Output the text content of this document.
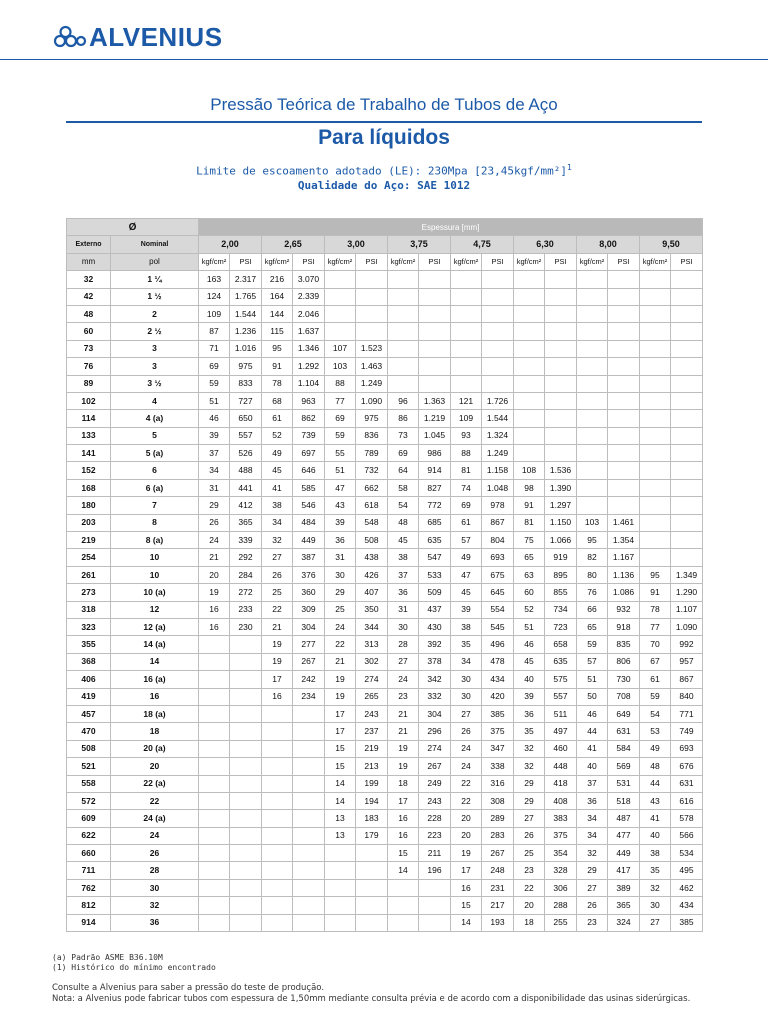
ALVENIUS
Pressão Teórica de Trabalho de Tubos de Aço
Para líquidos
Limite de escoamento adotado (LE): 230Mpa $[23,45kgf/mm^2]^1$
Qualidade do Aço: SAE 1012
Ø		Espessura [mm]															
Externo	Nominal	2,00		2,65		3,00		3,75		4,75		6,30		8,00		9,50	
mm	pol	kgf/cm²	PSI	kgf/cm²	PSI	kgf/cm²	PSI	kgf/cm²	PSI	kgf/cm²	PSI	kgf/cm²	PSI	kgf/cm²	PSI	kgf/cm²	PSI
32	1 ¼	163	2.317	216	3.070												
42	1 ½	124	1.765	164	2.339												
48	2	109	1.544	144	2.046												
60	2 ½	87	1.236	115	1.637												
73	3	71	1.016	95	1.346	107	1.523										
76	3	69	975	91	1.292	103	1.463										
89	3 ½	59	833	78	1.104	88	1.249										
102	4	51	727	68	963	77	1.090	96	1.363	121	1.726						
114	4 (a)	46	650	61	862	69	975	86	1.219	109	1.544						
133	5	39	557	52	739	59	836	73	1.045	93	1.324						
141	5 (a)	37	526	49	697	55	789	69	986	88	1.249						
152	6	34	488	45	646	51	732	64	914	81	1.158	108	1.536				
168	6 (a)	31	441	41	585	47	662	58	827	74	1.048	98	1.390				
180	7	29	412	38	546	43	618	54	772	69	978	91	1.297				
203	8	26	365	34	484	39	548	48	685	61	867	81	1.150	103	1.461		
219	8 (a)	24	339	32	449	36	508	45	635	57	804	75	1.066	95	1.354		
254	10	21	292	27	387	31	438	38	547	49	693	65	919	82	1.167		
261	10	20	284	26	376	30	426	37	533	47	675	63	895	80	1.136	95	1.349
273	10 (a)	19	272	25	360	29	407	36	509	45	645	60	855	76	1.086	91	1.290
318	12	16	233	22	309	25	350	31	437	39	554	52	734	66	932	78	1.107
323	12 (a)	16	230	21	304	24	344	30	430	38	545	51	723	65	918	77	1.090
355	14 (a)			19	277	22	313	28	392	35	496	46	658	59	835	70	992
368	14			19	267	21	302	27	378	34	478	45	635	57	806	67	957
406	16 (a)			17	242	19	274	24	342	30	434	40	575	51	730	61	867
419	16			16	234	19	265	23	332	30	420	39	557	50	708	59	840
457	18 (a)					17	243	21	304	27	385	36	511	46	649	54	771
470	18					17	237	21	296	26	375	35	497	44	631	53	749
508	20 (a)					15	219	19	274	24	347	32	460	41	584	49	693
521	20					15	213	19	267	24	338	32	448	40	569	48	676
558	22 (a)					14	199	18	249	22	316	29	418	37	531	44	631
572	22					14	194	17	243	22	308	29	408	36	518	43	616
609	24 (a)					13	183	16	228	20	289	27	383	34	487	41	578
622	24					13	179	16	223	20	283	26	375	34	477	40	566
660	26							15	211	19	267	25	354	32	449	38	534
711	28							14	196	17	248	23	328	29	417	35	495
762	30									16	231	22	306	27	389	32	462
812	32									15	217	20	288	26	365	30	434
914	36									14	193	18	255	23	324	27	385
(a) Padrão ASME B36.10M
(1) Histórico do mínimo encontrado
Consulte a Alvenius para saber a pressão do teste de produção.
Nota: a Alvenius pode fabricar tubos com espessura de 1,50mm mediante consulta prévia e de acordo com a disponibilidade das usinas siderúrgicas.
